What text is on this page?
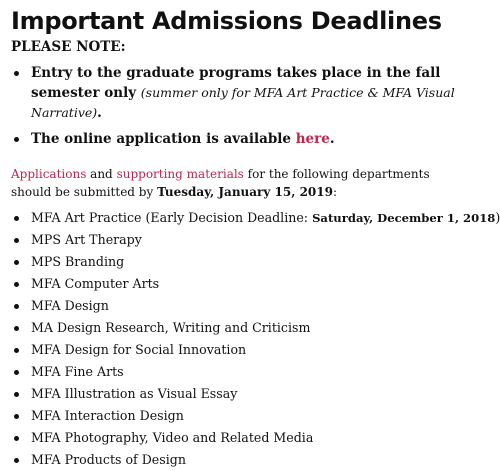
Important Admissions Deadlines
PLEASE NOTE:
Entry to the graduate programs takes place in the fall semester only (summer only for MFA Art Practice & MFA Visual Narrative).
The online application is available here.

Applications and supporting materials for the following departments should be submitted by Tuesday, January 15, 2019:

MFA Art Practice (Early Decision Deadline: Saturday, December 1, 2018)
MPS Art Therapy
MPS Branding
MFA Computer Arts
MFA Design
MA Design Research, Writing and Criticism
MFA Design for Social Innovation
MFA Fine Arts
MFA Illustration as Visual Essay
MFA Interaction Design
MFA Photography, Video and Related Media
MFA Products of Design
